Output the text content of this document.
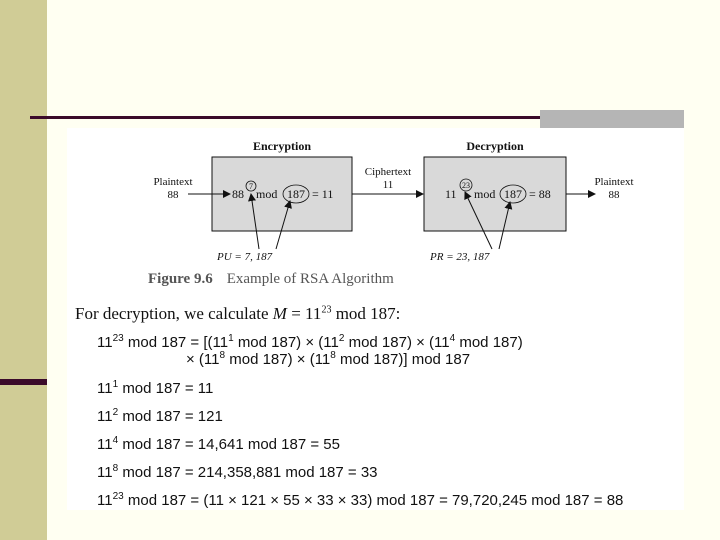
Encryption	Decryption
Plaintext
88	88
7
mod 187 = 11
Ciphertext
11
11
23
mod 187 = 88
Plaintext
88
PU = 7, 187	PR = 23, 187
Figure 9.6 Example of RSA Algorithm
For decryption, we calculate $M = 11^{23}$ mod 187:
$11^{23}$ mod $187 = [(11^1$ mod $187) \times (11^2$ mod $187) \times (11^4$ mod 187)
× ($11^8$ mod $187) \times (11^8$ mod 187)] mod 187
$11^1$ mod 187 = 11
$11^2$ mod 187 = 121
$11^4$ mod 187 = 14,641 mod 187 = 55
$11^8$ mod 187 = 214,358,881 mod 187 = 33
$11^{23}$ mod 187 = (11 × 121 × 55 × 33 × 33) mod 187 = 79,720,245 mod 187 = 88
